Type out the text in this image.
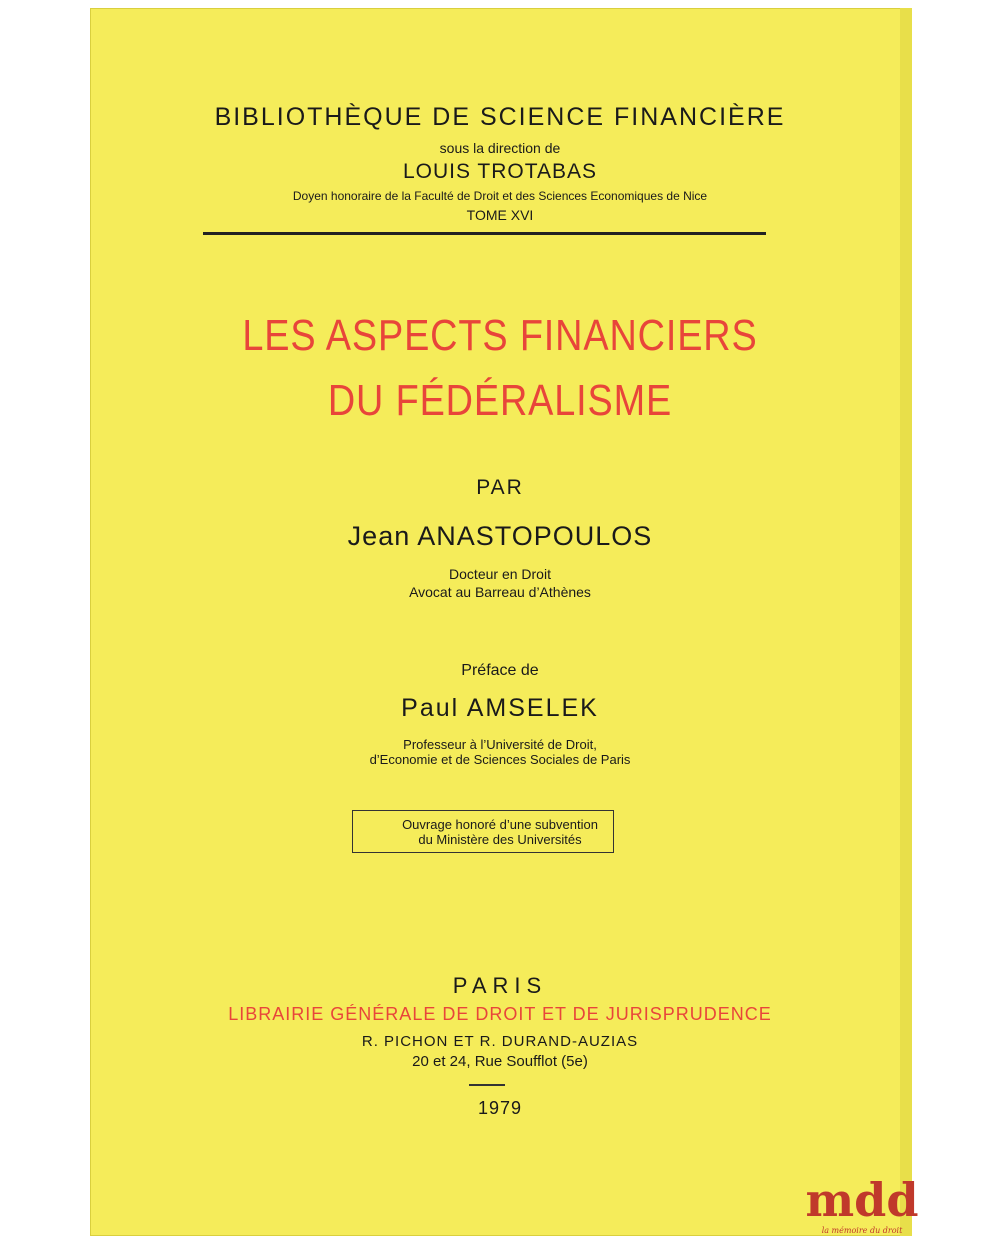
BIBLIOTHÈQUE DE SCIENCE FINANCIÈRE
sous la direction de
LOUIS TROTABAS
Doyen honoraire de la Faculté de Droit et des Sciences Economiques de Nice
TOME XVI
LES ASPECTS FINANCIERS
DU FÉDÉRALISME
PAR
Jean ANASTOPOULOS
Docteur en Droit
Avocat au Barreau d’Athènes
Préface de
Paul AMSELEK
Professeur à l’Université de Droit,
d’Economie et de Sciences Sociales de Paris
Ouvrage honoré d’une subvention
du Ministère des Universités
PARIS
LIBRAIRIE GÉNÉRALE DE DROIT ET DE JURISPRUDENCE
R. PICHON ET R. DURAND-AUZIAS
20 et 24, Rue Soufflot (5e)
1979
mdd
la mémoire du droit
